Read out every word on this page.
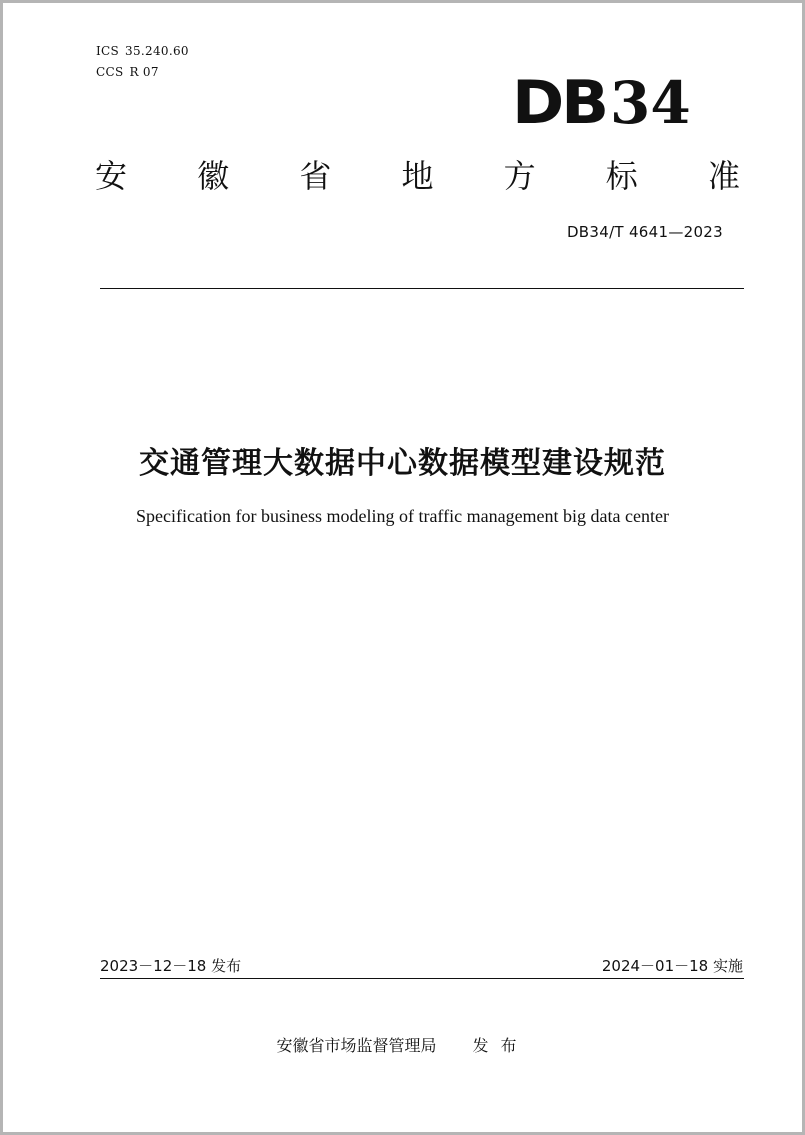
ICS 35.240.60
CCS R 07	DB 34
安 徽 省 地 方 标 准
DB34/T 4641—2023
交通管理大数据中心数据模型建设规范
Specification for business modeling of traffic management big data center
2023－12－18 发布	2024－01－18 实施
安徽省市场监督管理局 发布
